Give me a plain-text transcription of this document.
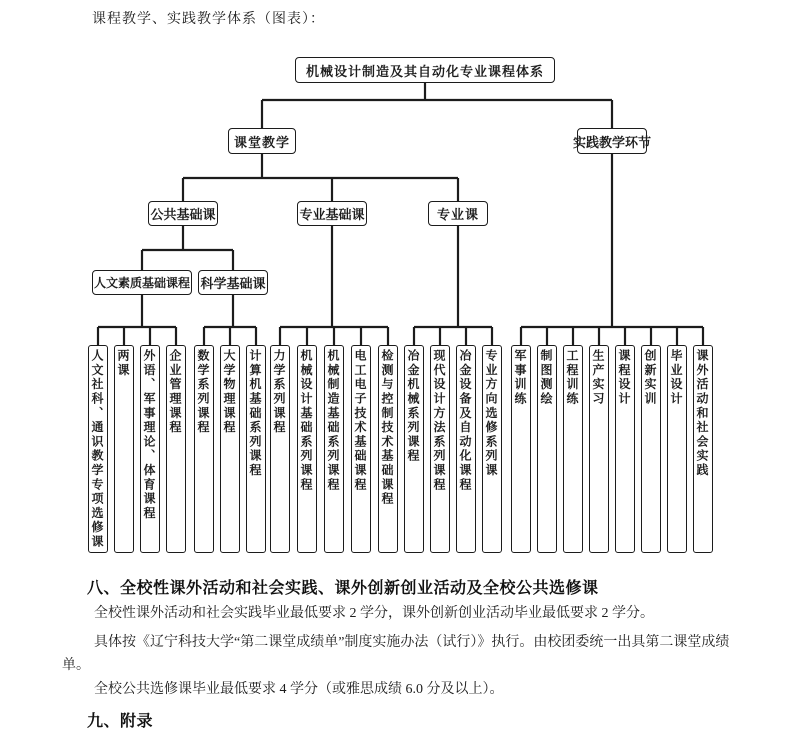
课程教学、实践教学体系（图表）：

机械设计制造及其自动化专业课程体系
课堂教学	实践教学环节
公共基础课	专业基础课	专业课
人文素质基础课程 科学基础课
人文社科、通识教学专项选修课	两课	外语、军事理论、体育课程	企业管理课程	数学系列课程	大学物理课程	计算机基础系列课程 力学系列课程	机械设计基础系列课程	机械制造基础系列课程	电工电子技术基础课程	检测与控制技术基础课程	冶金机械系列课程	现代设计方法系列课程	冶金设备及自动化课程	专业方向选修系列课	军事训练	制图测绘	工程训练	生产实习	课程设计	创新实训	毕业设计	课外活动和社会实践
八、全校性课外活动和社会实践、课外创新创业活动及全校公共选修课

全校性课外活动和社会实践毕业最低要求 2 学分，课外创新创业活动毕业最低要求 2 学分。

具体按《辽宁科技大学“第二课堂成绩单”制度实施办法（试行）》执行。由校团委统一出具第二课堂成绩单。

全校公共选修课毕业最低要求 4 学分（或雅思成绩 6.0 分及以上）。

九、附录
